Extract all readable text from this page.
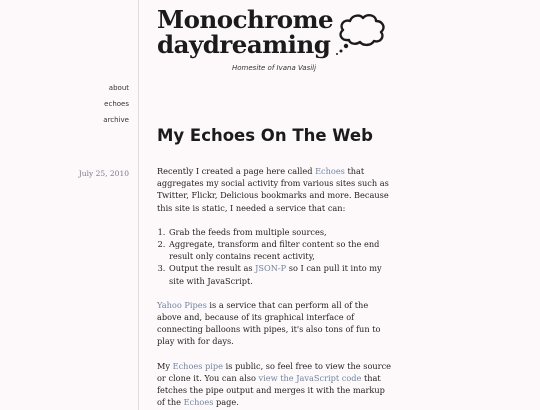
Monochrome
daydreaming
Homesite of Ivana Vasilj
about
echoes
archive
July 25, 2010
My Echoes On The Web

Recently I created a page here called Echoes that aggregates my social activity from various sites such as Twitter, Flickr, Delicious bookmarks and more. Because this site is static, I needed a service that can:

1. Grab the feeds from multiple sources,
2. Aggregate, transform and filter content so the end result only contains recent activity,
3. Output the result as JSON-P so I can pull it into my site with JavaScript.

Yahoo Pipes is a service that can perform all of the above and, because of its graphical interface of connecting balloons with pipes, it's also tons of fun to play with for days.

My Echoes pipe is public, so feel free to view the source or clone it. You can also view the JavaScript code that fetches the pipe output and merges it with the markup of the Echoes page.
